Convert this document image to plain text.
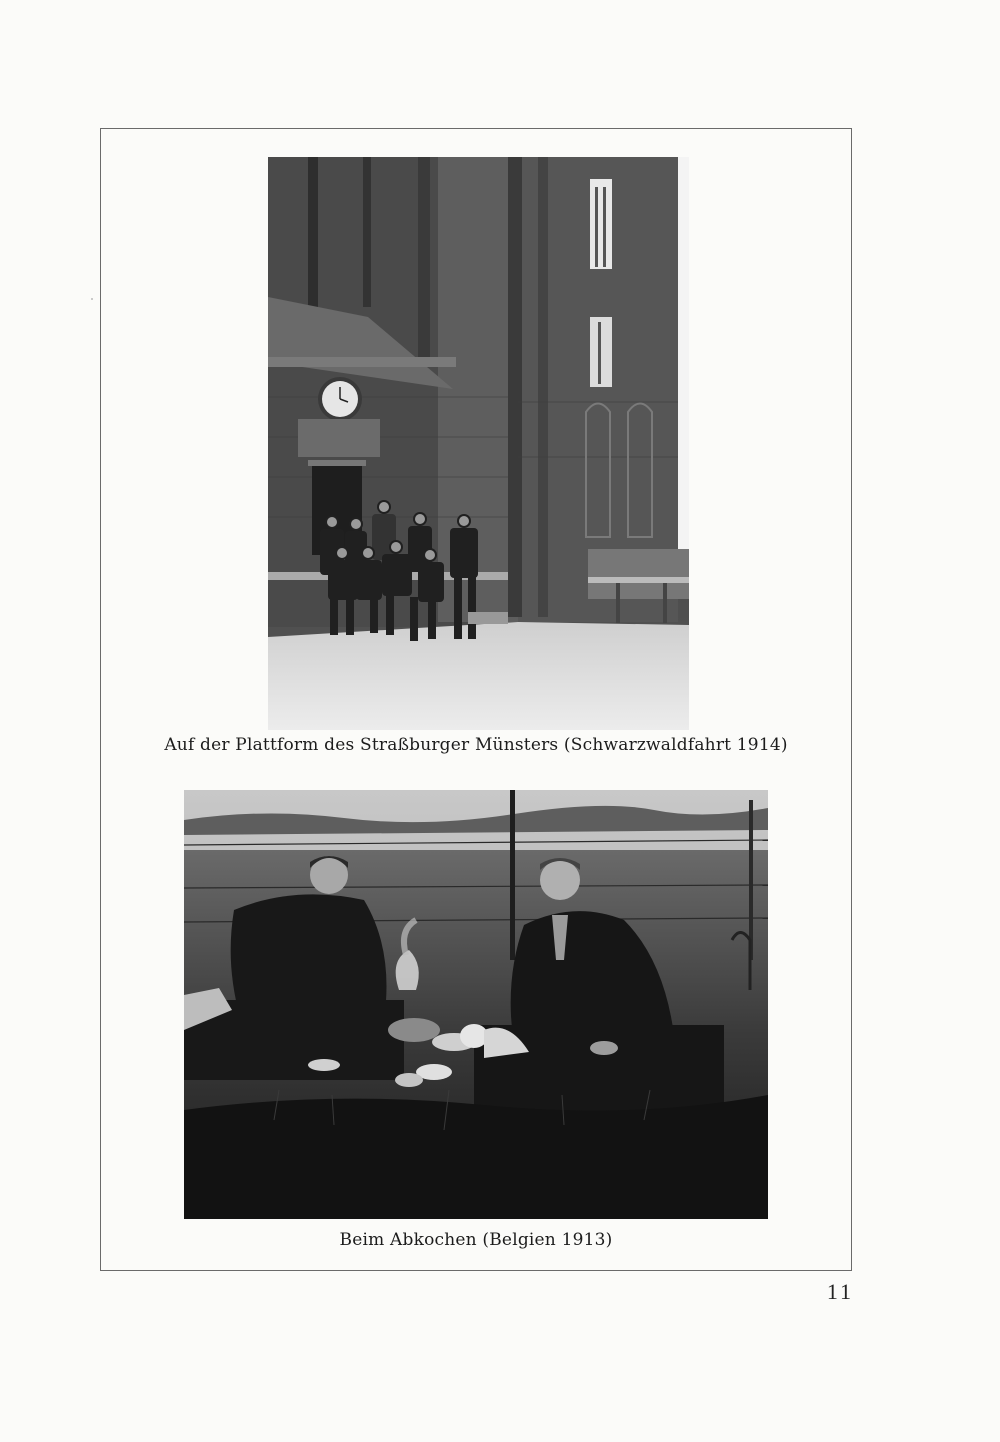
Auf der Plattform des Straßburger Münsters (Schwarzwaldfahrt 1914)
Beim Abkochen (Belgien 1913)
11
